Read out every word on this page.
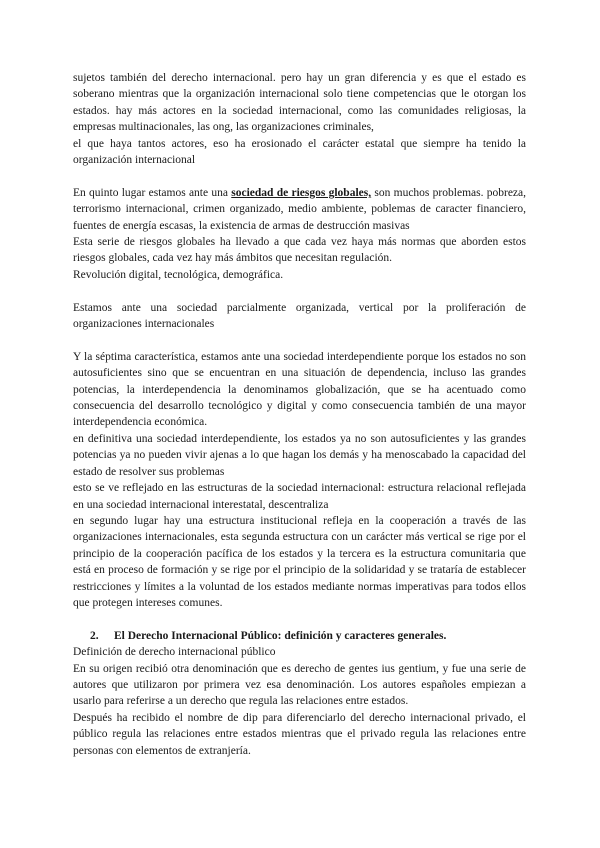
sujetos también del derecho internacional. pero hay un gran diferencia y es que el estado es soberano mientras que la organización internacional solo tiene competencias que le otorgan los estados. hay más actores en la sociedad internacional, como las comunidades religiosas, la empresas multinacionales, las ong, las organizaciones criminales,

el que haya tantos actores, eso ha erosionado el carácter estatal que siempre ha tenido la organización internacional

En quinto lugar estamos ante una sociedad de riesgos globales, son muchos problemas. pobreza, terrorismo internacional, crimen organizado, medio ambiente, poblemas de caracter financiero, fuentes de energía escasas, la existencia de armas de destrucción masivas

Esta serie de riesgos globales ha llevado a que cada vez haya más normas que aborden estos riesgos globales, cada vez hay más ámbitos que necesitan regulación.

Revolución digital, tecnológica, demográfica.

Estamos ante una sociedad parcialmente organizada, vertical por la proliferación de organizaciones internacionales

Y la séptima característica, estamos ante una sociedad interdependiente porque los estados no son autosuficientes sino que se encuentran en una situación de dependencia, incluso las grandes potencias, la interdependencia la denominamos globalización, que se ha acentuado como consecuencia del desarrollo tecnológico y digital y como consecuencia también de una mayor interdependencia económica.

en definitiva una sociedad interdependiente, los estados ya no son autosuficientes y las grandes potencias ya no pueden vivir ajenas a lo que hagan los demás y ha menoscabado la capacidad del estado de resolver sus problemas

esto se ve reflejado en las estructuras de la sociedad internacional: estructura relacional reflejada en una sociedad internacional interestatal, descentraliza

en segundo lugar hay una estructura institucional refleja en la cooperación a través de las organizaciones internacionales, esta segunda estructura con un carácter más vertical se rige por el principio de la cooperación pacífica de los estados y la tercera es la estructura comunitaria que está en proceso de formación y se rige por el principio de la solidaridad y se trataría de establecer restricciones y límites a la voluntad de los estados mediante normas imperativas para todos ellos que protegen intereses comunes.

2. El Derecho Internacional Público: definición y caracteres generales.

Definición de derecho internacional público

En su origen recibió otra denominación que es derecho de gentes ius gentium, y fue una serie de autores que utilizaron por primera vez esa denominación. Los autores españoles empiezan a usarlo para referirse a un derecho que regula las relaciones entre estados.

Después ha recibido el nombre de dip para diferenciarlo del derecho internacional privado, el público regula las relaciones entre estados mientras que el privado regula las relaciones entre personas con elementos de extranjería.
